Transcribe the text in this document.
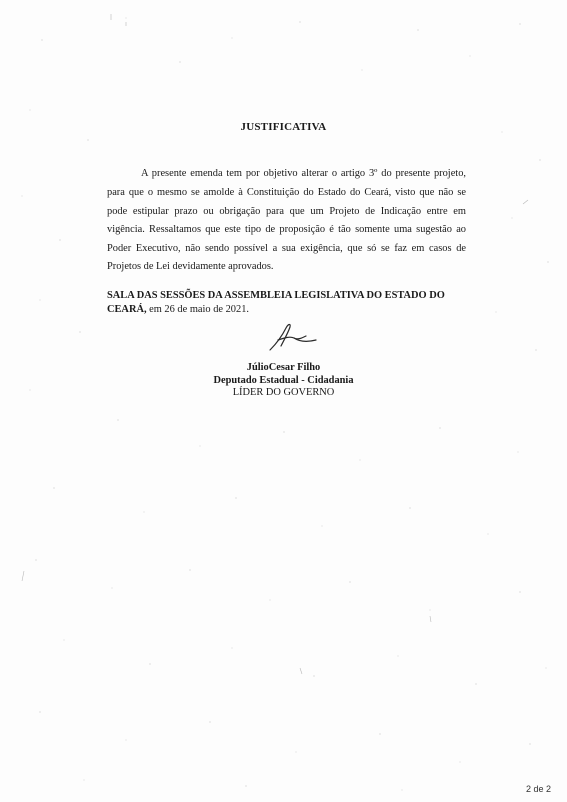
JUSTIFICATIVA

A presente emenda tem por objetivo alterar o artigo 3º do presente projeto, para que o mesmo se amolde à Constituição do Estado do Ceará, visto que não se pode estipular prazo ou obrigação para que um Projeto de Indicação entre em vigência. Ressaltamos que este tipo de proposição é tão somente uma sugestão ao Poder Executivo, não sendo possível a sua exigência, que só se faz em casos de Projetos de Lei devidamente aprovados.

SALA DAS SESSÕES DA ASSEMBLEIA LEGISLATIVA DO ESTADO DO CEARÁ, em 26 de maio de 2021.
JúlioCesar Filho
Deputado Estadual - Cidadania
LÍDER DO GOVERNO
2 de 2
